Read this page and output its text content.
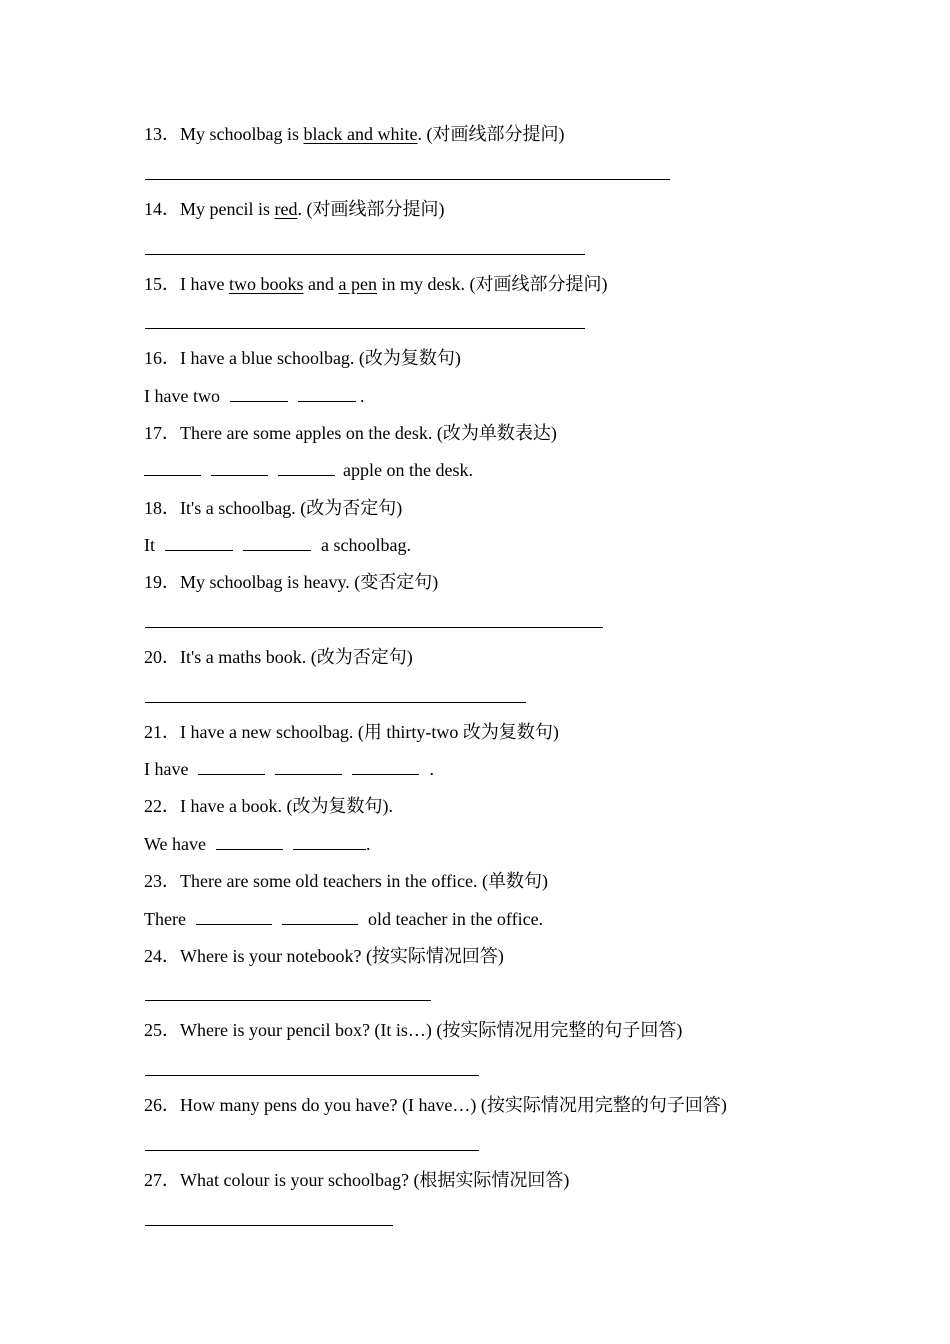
13．My schoolbag is black and white. (对画线部分提问)
14．My pencil is red. (对画线部分提问)
15．I have two books and a pen in my desk. (对画线部分提问)
16．I have a blue schoolbag. (改为复数句)
I have two	.
17．There are some apples on the desk. (改为单数表达)
apple on the desk.
18．It's a schoolbag. (改为否定句)
It	a schoolbag.
19．My schoolbag is heavy. (变否定句)
20．It's a maths book. (改为否定句)
21．I have a new schoolbag. (用 thirty-two 改为复数句)
I have	.
22．I have a book. (改为复数句).
We have	.
23．There are some old teachers in the office. (单数句)
There	old teacher in the office.
24．Where is your notebook? (按实际情况回答)
25．Where is your pencil box? (It is…) (按实际情况用完整的句子回答)
26．How many pens do you have? (I have…) (按实际情况用完整的句子回答)
27．What colour is your schoolbag? (根据实际情况回答)
